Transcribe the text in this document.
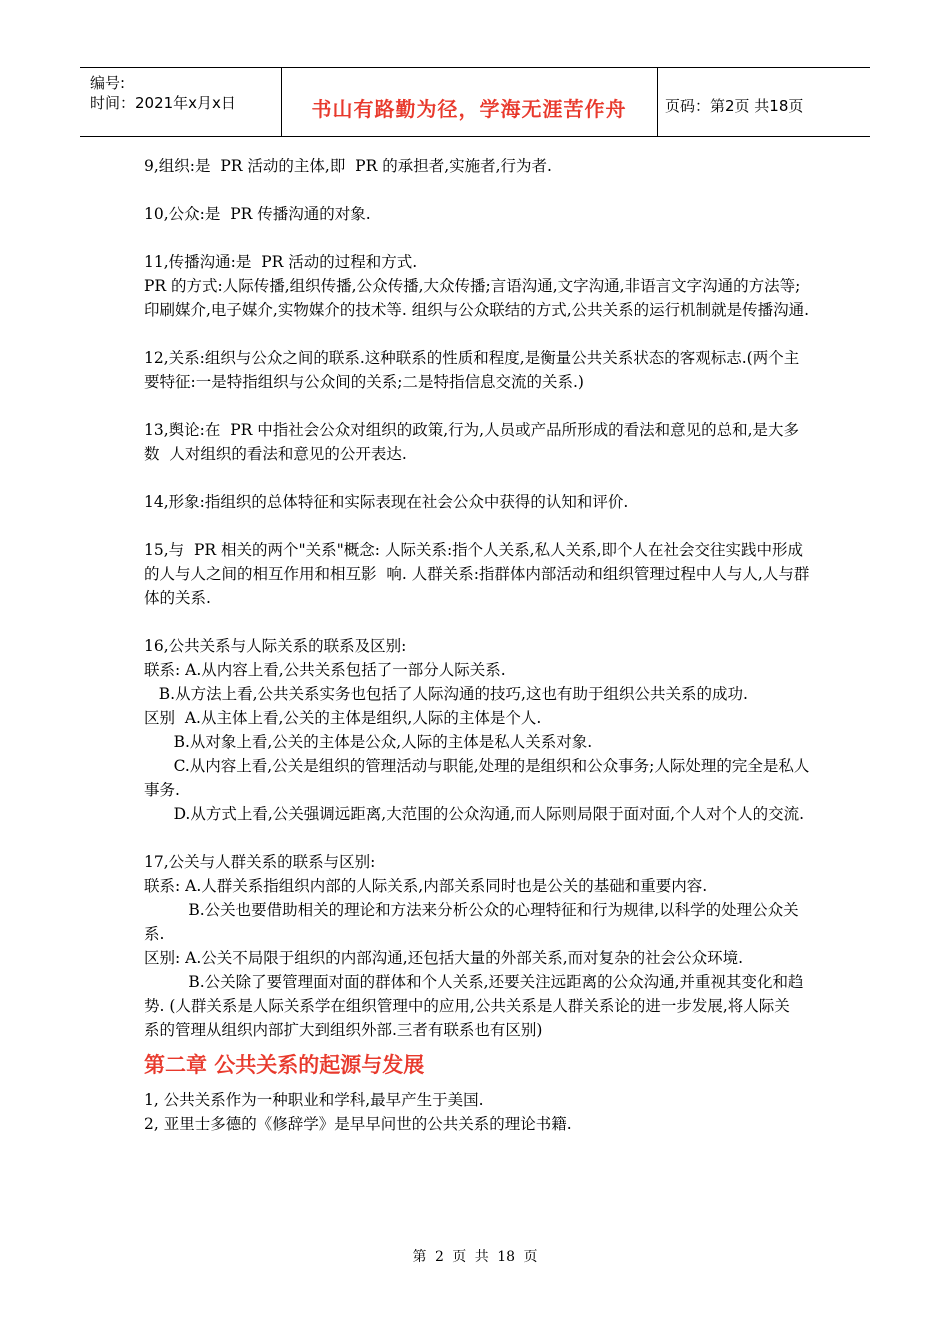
编号:
时间：2021年x月x日	书山有路勤为径，学海无涯苦作舟	页码：第2页 共18页
9,组织:是  PR 活动的主体,即  PR 的承担者,实施者,行为者.
10,公众:是  PR 传播沟通的对象.
11,传播沟通:是  PR 活动的过程和方式.
PR 的方式:人际传播,组织传播,公众传播,大众传播;言语沟通,文字沟通,非语言文字沟通的方法等;印刷媒介,电子媒介,实物媒介的技术等. 组织与公众联结的方式,公共关系的运行机制就是传播沟通.
12,关系:组织与公众之间的联系.这种联系的性质和程度,是衡量公共关系状态的客观标志.(两个主  要特征:一是特指组织与公众间的关系;二是特指信息交流的关系.)
13,舆论:在  PR 中指社会公众对组织的政策,行为,人员或产品所形成的看法和意见的总和,是大多数  人对组织的看法和意见的公开表达.
14,形象:指组织的总体特征和实际表现在社会公众中获得的认知和评价.
15,与  PR 相关的两个"关系"概念: 人际关系:指个人关系,私人关系,即个人在社会交往实践中形成的人与人之间的相互作用和相互影  响. 人群关系:指群体内部活动和组织管理过程中人与人,人与群体的关系.
16,公共关系与人际关系的联系及区别:
联系: A.从内容上看,公共关系包括了一部分人际关系.
B.从方法上看,公共关系实务也包括了人际沟通的技巧,这也有助于组织公共关系的成功.
区别  A.从主体上看,公关的主体是组织,人际的主体是个人.
B.从对象上看,公关的主体是公众,人际的主体是私人关系对象.
C.从内容上看,公关是组织的管理活动与职能,处理的是组织和公众事务;人际处理的完全是私人  事务.
D.从方式上看,公关强调远距离,大范围的公众沟通,而人际则局限于面对面,个人对个人的交流.
17,公关与人群关系的联系与区别:
联系: A.人群关系指组织内部的人际关系,内部关系同时也是公关的基础和重要内容.
B.公关也要借助相关的理论和方法来分析公众的心理特征和行为规律,以科学的处理公众关系.
区别: A.公关不局限于组织的内部沟通,还包括大量的外部关系,而对复杂的社会公众环境.
B.公关除了要管理面对面的群体和个人关系,还要关注远距离的公众沟通,并重视其变化和趋势. (人群关系是人际关系学在组织管理中的应用,公共关系是人群关系论的进一步发展,将人际关  系的管理从组织内部扩大到组织外部.三者有联系也有区别)
第二章 公共关系的起源与发展
1, 公共关系作为一种职业和学科,最早产生于美国.
2, 亚里士多德的《修辞学》是早早问世的公共关系的理论书籍.
第 2 页 共 18 页
